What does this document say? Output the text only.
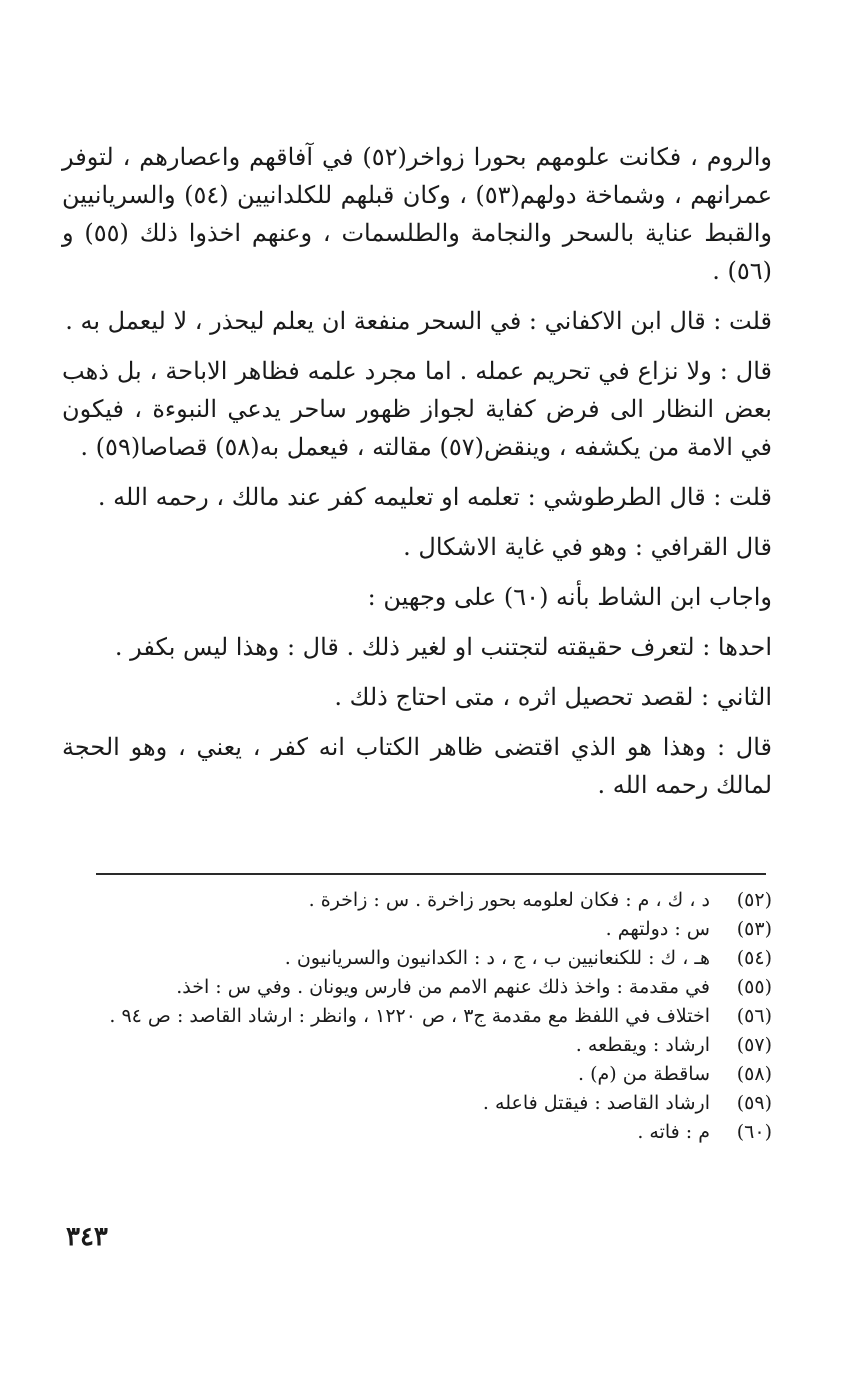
والروم ، فكانت علومهم بحورا زواخر(٥٢) في آفاقهم واعصارهم ، لتوفر عمرانهم ، وشماخة دولهم(٥٣) ، وكان قبلهم للكلدانيين (٥٤) والسريانيين والقبط عناية بالسحر والنجامة والطلسمات ، وعنهم اخذوا ذلك (٥٥) و (٥٦) .

قلت : قال ابن الاكفاني : في السحر منفعة ان يعلم ليحذر ، لا ليعمل به .

قال : ولا نزاع في تحريم عمله . اما مجرد علمه فظاهر الاباحة ، بل ذهب بعض النظار الى فرض كفاية لجواز ظهور ساحر يدعي النبوءة ، فيكون في الامة من يكشفه ، وينقض(٥٧) مقالته ، فيعمل به(٥٨) قصاصا(٥٩) .

قلت : قال الطرطوشي : تعلمه او تعليمه كفر عند مالك ، رحمه الله .

قال القرافي : وهو في غاية الاشكال .

واجاب ابن الشاط بأنه (٦٠) على وجهين :

احدها : لتعرف حقيقته لتجتنب او لغير ذلك . قال : وهذا ليس بكفر .

الثاني : لقصد تحصيل اثره ، متى احتاج ذلك .

قال : وهذا هو الذي اقتضى ظاهر الكتاب انه كفر ، يعني ، وهو الحجة لمالك رحمه الله .

(٥٢)
د ، ك ، م : فكان لعلومه بحور زاخرة . س : زاخرة .
(٥٣)
س : دولتهم .
(٥٤)
هـ ، ك : للكنعانيين ب ، ج ، د : الكدانيون والسريانيون .
(٥٥)
في مقدمة : واخذ ذلك عنهم الامم من فارس ويونان . وفي س : اخذ.
(٥٦)
اختلاف في اللفظ مع مقدمة ج٣ ، ص ١٢٢٠ ، وانظر : ارشاد القاصد : ص ٩٤ .
(٥٧)
ارشاد : ويقطعه .
(٥٨)
ساقطة من (م) .
(٥٩)
ارشاد القاصد : فيقتل فاعله .
(٦٠)
م : فاته .
٣٤٣
